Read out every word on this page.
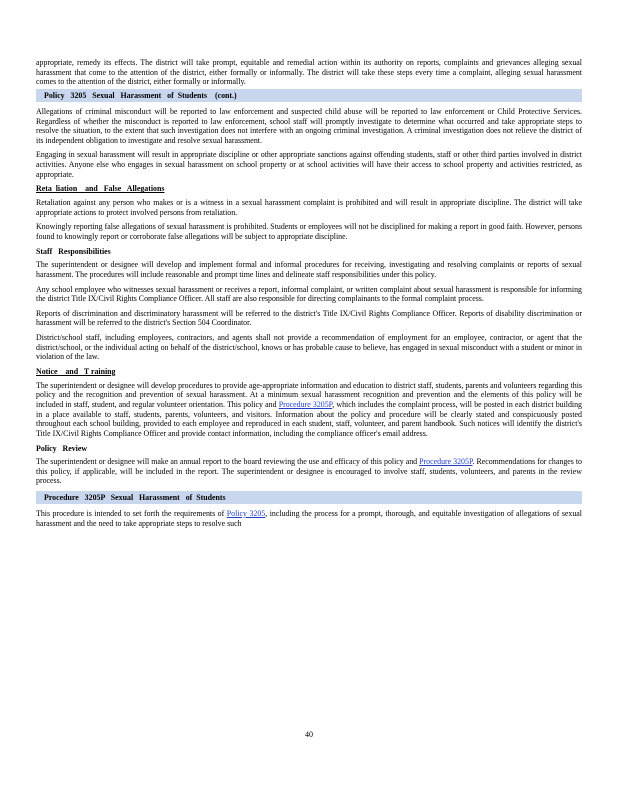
appropriate, remedy its effects. The district will take prompt, equitable and remedial action within its authority on reports, complaints and grievances alleging sexual harassment that come to the attention of the district, either formally or informally. The district will take these steps every time a complaint, alleging sexual harassment comes to the attention of the district, either formally or informally.

Policy   3205   Sexual   Harassment   of  Students    (cont.)

Allegations of criminal misconduct will be reported to law enforcement and suspected child abuse will be reported to law enforcement or Child Protective Services. Regardless of whether the misconduct is reported to law enforcement, school staff will promptly investigate to determine what occurred and take appropriate steps to resolve the situation, to the extent that such investigation does not interfere with an ongoing criminal investigation. A criminal investigation does not relieve the district of its independent obligation to investigate and resolve sexual harassment.

Engaging in sexual harassment will result in appropriate discipline or other appropriate sanctions against offending students, staff or other third parties involved in district activities. Anyone else who engages in sexual harassment on school property or at school activities will have their access to school property and activities restricted, as appropriate.

Reta  liation    and   False   Allegations

Retaliation against any person who makes or is a witness in a sexual harassment complaint is prohibited and will result in appropriate discipline. The district will take appropriate actions to protect involved persons from retaliation.

Knowingly reporting false allegations of sexual harassment is prohibited. Students or employees will not be disciplined for making a report in good faith. However, persons found to knowingly report or corroborate false allegations will be subject to appropriate discipline.

Staff   Responsibilities

The superintendent or designee will develop and implement formal and informal procedures for receiving, investigating and resolving complaints or reports of sexual harassment. The procedures will include reasonable and prompt time lines and delineate staff responsibilities under this policy.

Any school employee who witnesses sexual harassment or receives a report, informal complaint, or written complaint about sexual harassment is responsible for informing the district Title IX/Civil Rights Compliance Officer. All staff are also responsible for directing complainants to the formal complaint process.

Reports of discrimination and discriminatory harassment will be referred to the district's Title IX/Civil Rights Compliance Officer. Reports of disability discrimination or harassment will be referred to the district's Section 504 Coordinator.

District/school staff, including employees, contractors, and agents shall not provide a recommendation of employment for an employee, contractor, or agent that the district/school, or the individual acting on behalf of the district/school, knows or has probable cause to believe, has engaged in sexual misconduct with a student or minor in violation of the law.

Notice    and   T raining

The superintendent or designee will develop procedures to provide age-appropriate information and education to district staff, students, parents and volunteers regarding this policy and the recognition and prevention of sexual harassment. At a minimum sexual harassment recognition and prevention and the elements of this policy will be included in staff, student, and regular volunteer orientation. This policy and Procedure 3205P, which includes the complaint process, will be posted in each district building in a place available to staff, students, parents, volunteers, and visitors. Information about the policy and procedure will be clearly stated and conspicuously posted throughout each school building, provided to each employee and reproduced in each student, staff, volunteer, and parent handbook. Such notices will identify the district's Title IX/Civil Rights Compliance Officer and provide contact information, including the compliance officer's email address.

Policy   Review

The superintendent or designee will make an annual report to the board reviewing the use and efficacy of this policy and Procedure 3205P. Recommendations for changes to this policy, if applicable, will be included in the report. The superintendent or designee is encouraged to involve staff, students, volunteers, and parents in the review process.

Procedure   3205P   Sexual   Harassment   of  Students

This procedure is intended to set forth the requirements of Policy 3205, including the process for a prompt, thorough, and equitable investigation of allegations of sexual harassment and the need to take appropriate steps to resolve such

40
